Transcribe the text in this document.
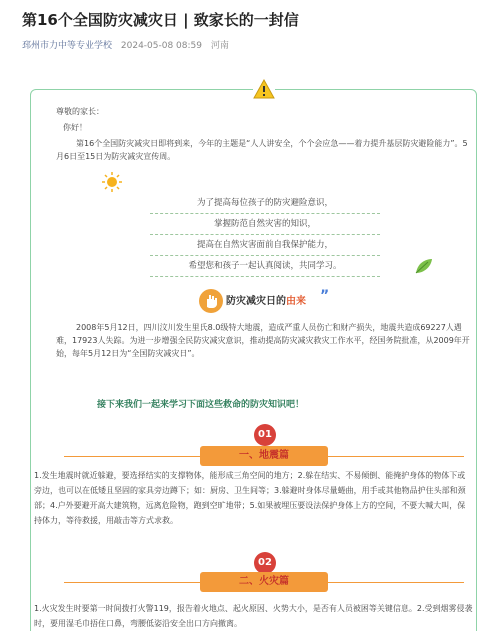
第16个全国防灾减灾日 | 致家长的一封信
邳州市力中等专业学校 2024-05-08 08:59 河南
尊敬的家长：
你好！
第16个全国防灾减灾日即将到来，今年的主题是“人人讲安全，个个会应急——着力提升基层防灾避险能力”。5月6日至15日为防灾减灾宣传周。
为了提高每位孩子的防灾避险意识，
掌握防范自然灾害的知识，
提高在自然灾害面前自我保护能力，
希望您和孩子一起认真阅读，共同学习。
防灾减灾日的由来 ”
2008年5月12日，四川汶川发生里氏8.0级特大地震，造成严重人员伤亡和财产损失，地震共造成69227人遇难，17923人失踪。为进一步增强全民防灾减灾意识，推动提高防灾减灾救灾工作水平，经国务院批准，从2009年开始，每年5月12日为“全国防灾减灾日”。
接下来我们一起来学习下面这些救命的防灾知识吧！
01
一、地震篇
1.发生地震时就近躲避，要选择结实的支撑物体，能形成三角空间的地方；2.躲在结实、不易倾倒、能掩护身体的物体下或旁边，也可以在低矮且坚固的家具旁边蹲下；如：厨房、卫生间等；3.躲避时身体尽量蜷曲，用手或其他物品护住头部和颈部；4.户外要避开高大建筑物，远离危险物，跑到空旷地带；5.如果被埋压要设法保护身体上方的空间，不要大喊大叫，保持体力，等待救援，用敲击等方式求救。
02
二、火灾篇
1.火灾发生时要第一时间拨打火警119，报告着火地点、起火原因、火势大小，是否有人员被困等关键信息。2.受到烟雾侵袭时，要用湿毛巾捂住口鼻，弯腰低姿沿安全出口方向撤离。
